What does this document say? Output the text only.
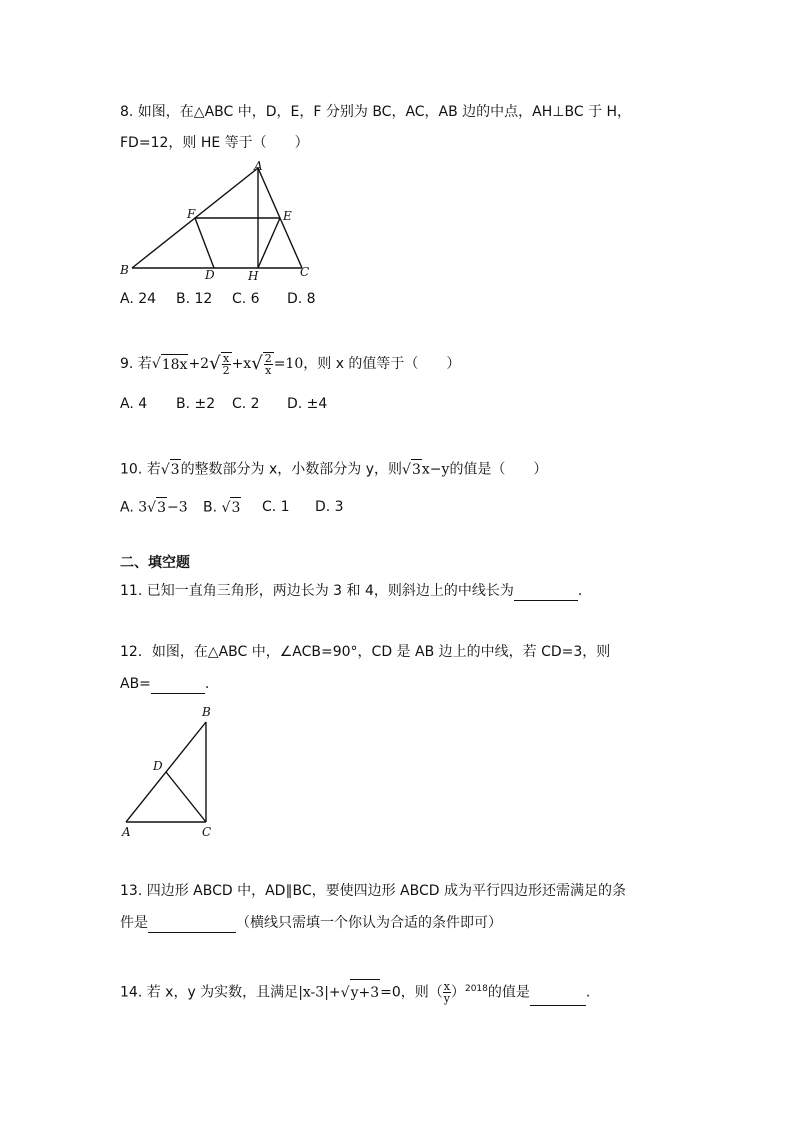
8. 如图，在△ABC 中，D，E，F 分别为 BC，AC，AB 边的中点，AH⊥BC 于 H，
FD=12，则 HE 等于（　　）
A
B	C
D
E
F
H
A. 24 B. 12 C. 6 D. 8
9. 若$√18x+2√ \frac{x}{2} +x√ \frac{2}{x} =10$，则 x 的值等于（　　）
A. 4 B. ±2 C. 2 D. ±4
10. 若√3的整数部分为 x，小数部分为 y，则√3x−y的值是（　　）
A. 3√3−3 B. √3 C. 1 D. 3
二、填空题
11. 已知一直角三角形，两边长为 3 和 4，则斜边上的中线长为	.
12．如图，在△ABC 中，∠ACB=90°，CD 是 AB 边上的中线，若 CD=3，则
AB=	.
B
D
A	C
13. 四边形 ABCD 中，AD∥BC，要使四边形 ABCD 成为平行四边形还需满足的条
件是	（横线只需填一个你认为合适的条件即可）
14. 若 x，y 为实数，且满足|x-3|+√y+3=0，则（ $\frac{x}{y} )^{2018}$的值是	.
